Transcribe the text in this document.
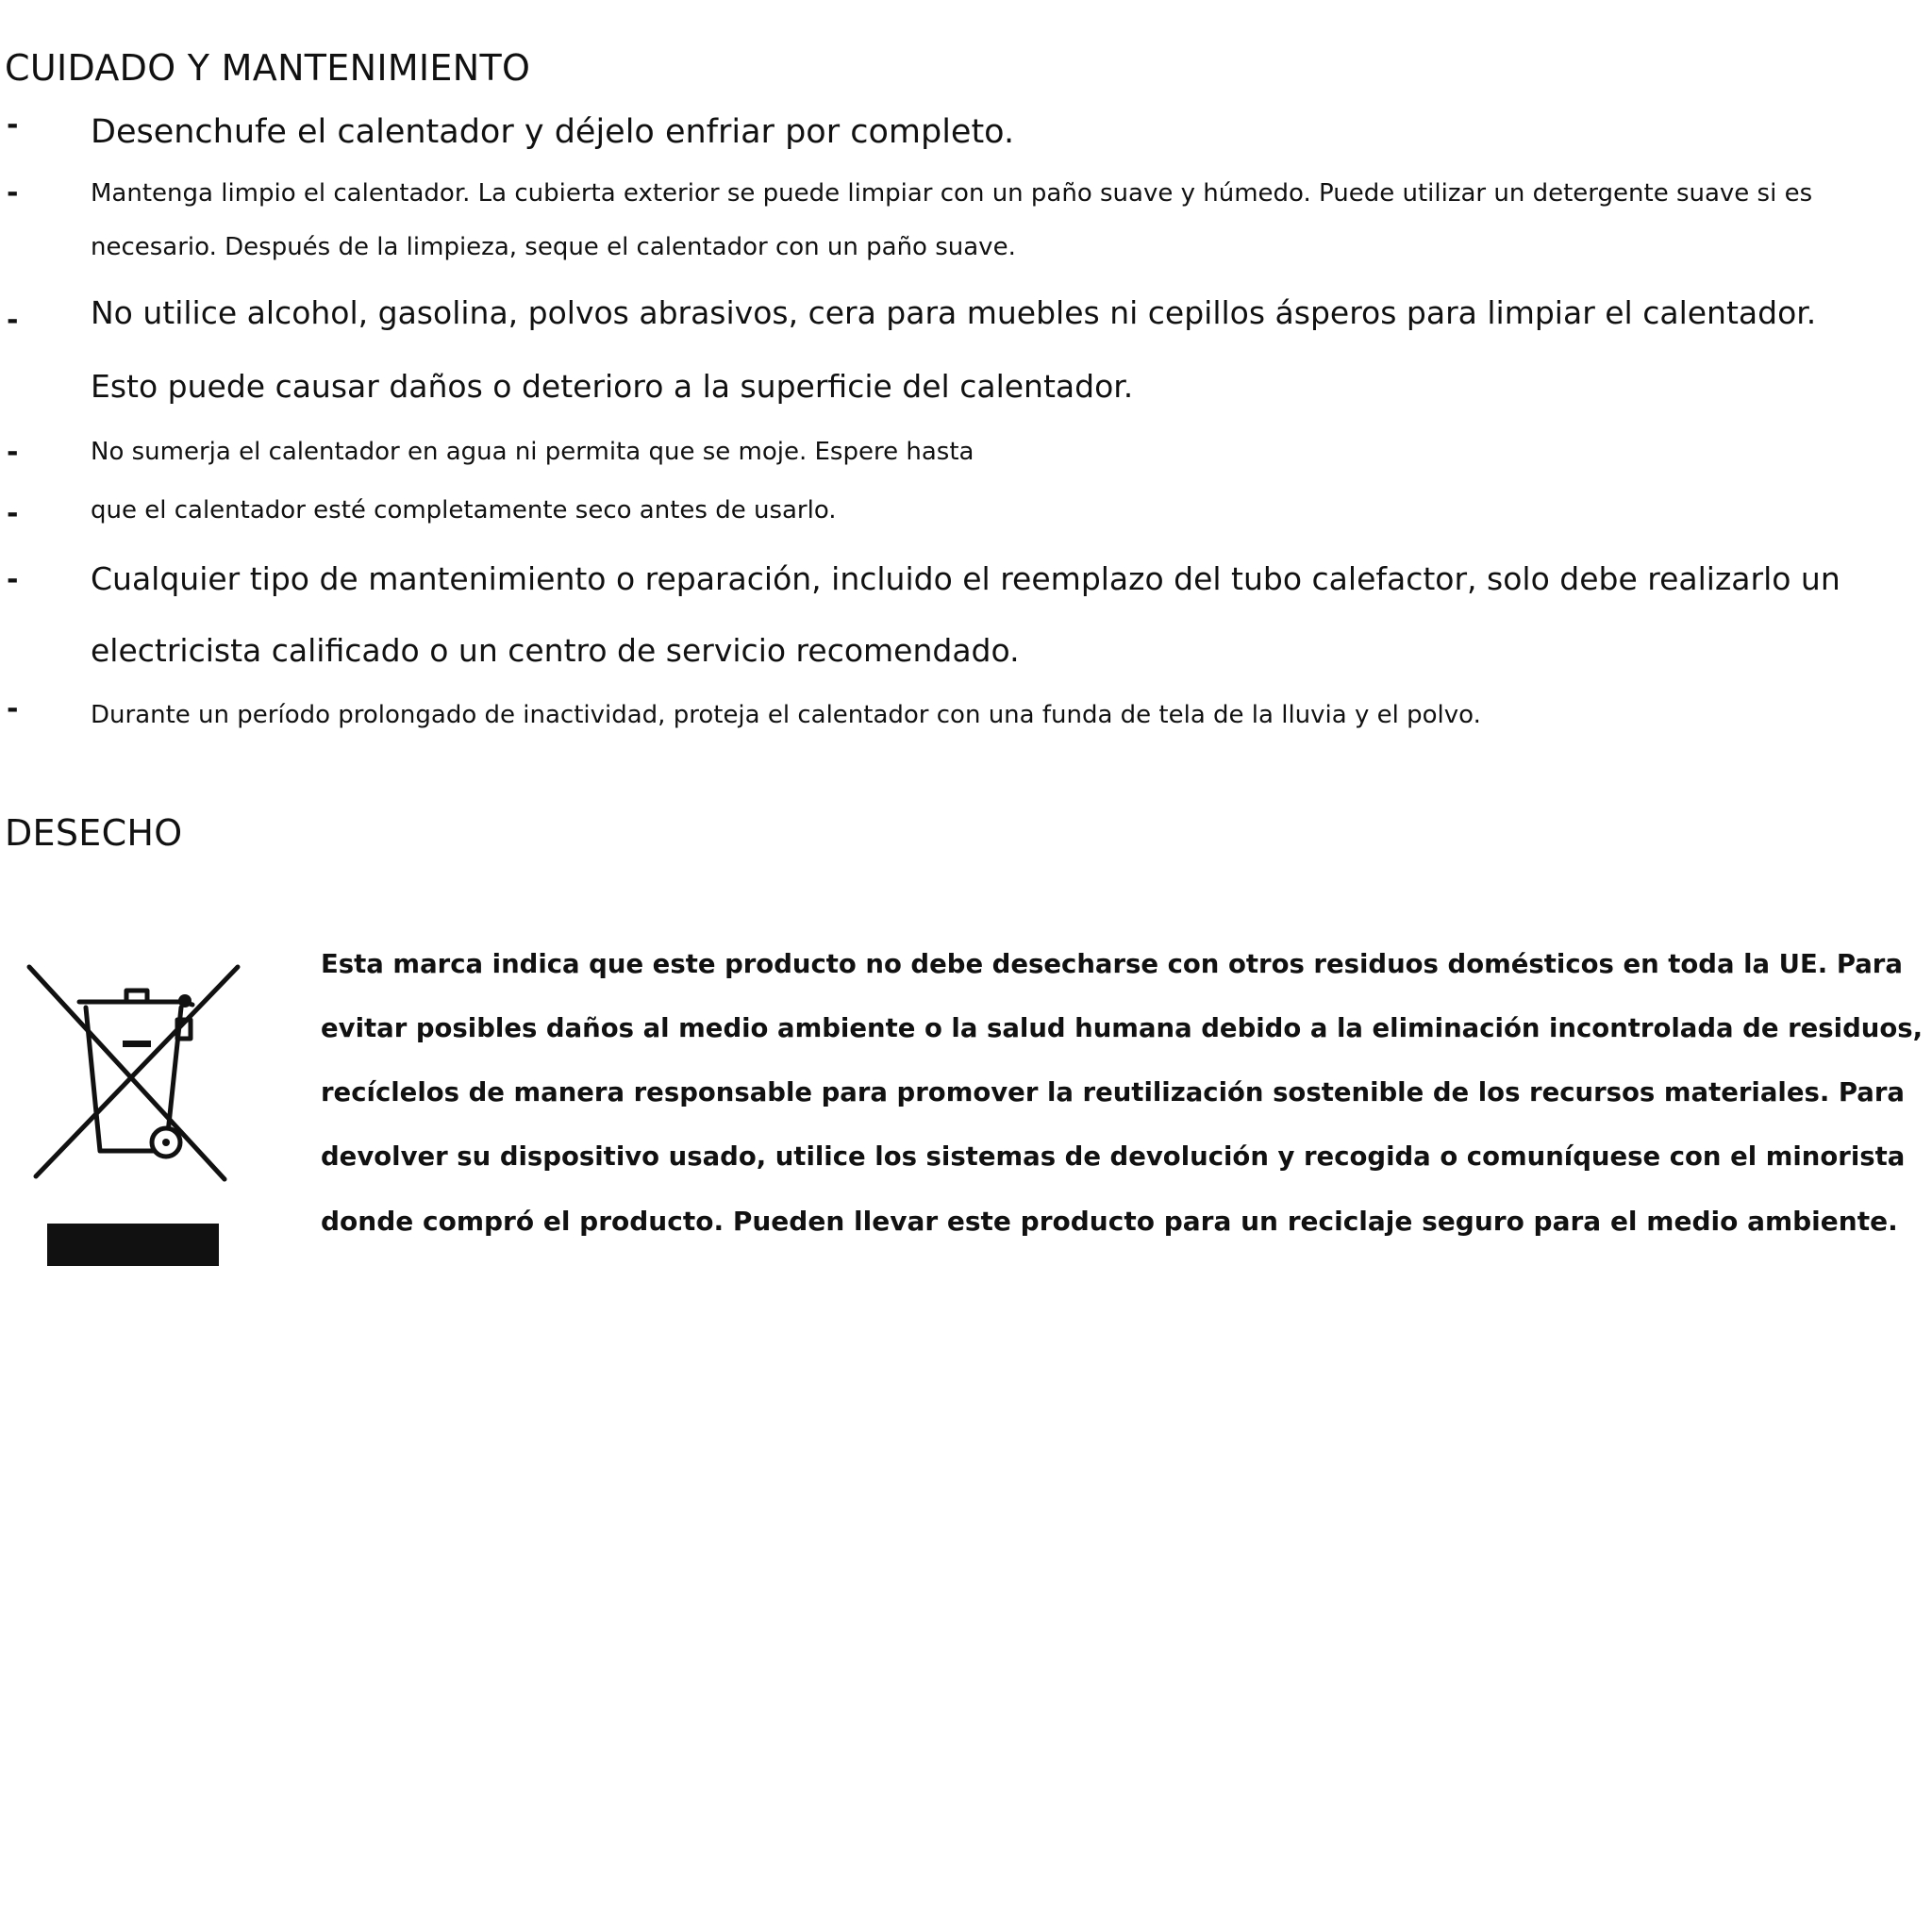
CUIDADO Y MANTENIMIENTO
- Desenchufe el calentador y déjelo enfriar por completo.
-	Mantenga limpio el calentador. La cubierta exterior se puede limpiar con un paño suave y húmedo. Puede utilizar un detergente suave si es
necesario. Después de la limpieza, seque el calentador con un paño suave.
- No utilice alcohol, gasolina, polvos abrasivos, cera para muebles ni cepillos ásperos para limpiar el calentador.
Esto puede causar daños o deterioro a la superficie del calentador.
-	No sumerja el calentador en agua ni permita que se moje. Espere hasta
-	que el calentador esté completamente seco antes de usarlo.
- Cualquier tipo de mantenimiento o reparación, incluido el reemplazo del tubo calefactor, solo debe realizarlo un
electricista calificado o un centro de servicio recomendado.
-	Durante un período prolongado de inactividad, proteja el calentador con una funda de tela de la lluvia y el polvo.
DESECHO
Esta marca indica que este producto no debe desecharse con otros residuos domésticos en toda la UE. Para
evitar posibles daños al medio ambiente o la salud humana debido a la eliminación incontrolada de residuos,
recíclelos de manera responsable para promover la reutilización sostenible de los recursos materiales. Para
devolver su dispositivo usado, utilice los sistemas de devolución y recogida o comuníquese con el minorista
donde compró el producto. Pueden llevar este producto para un reciclaje seguro para el medio ambiente.
